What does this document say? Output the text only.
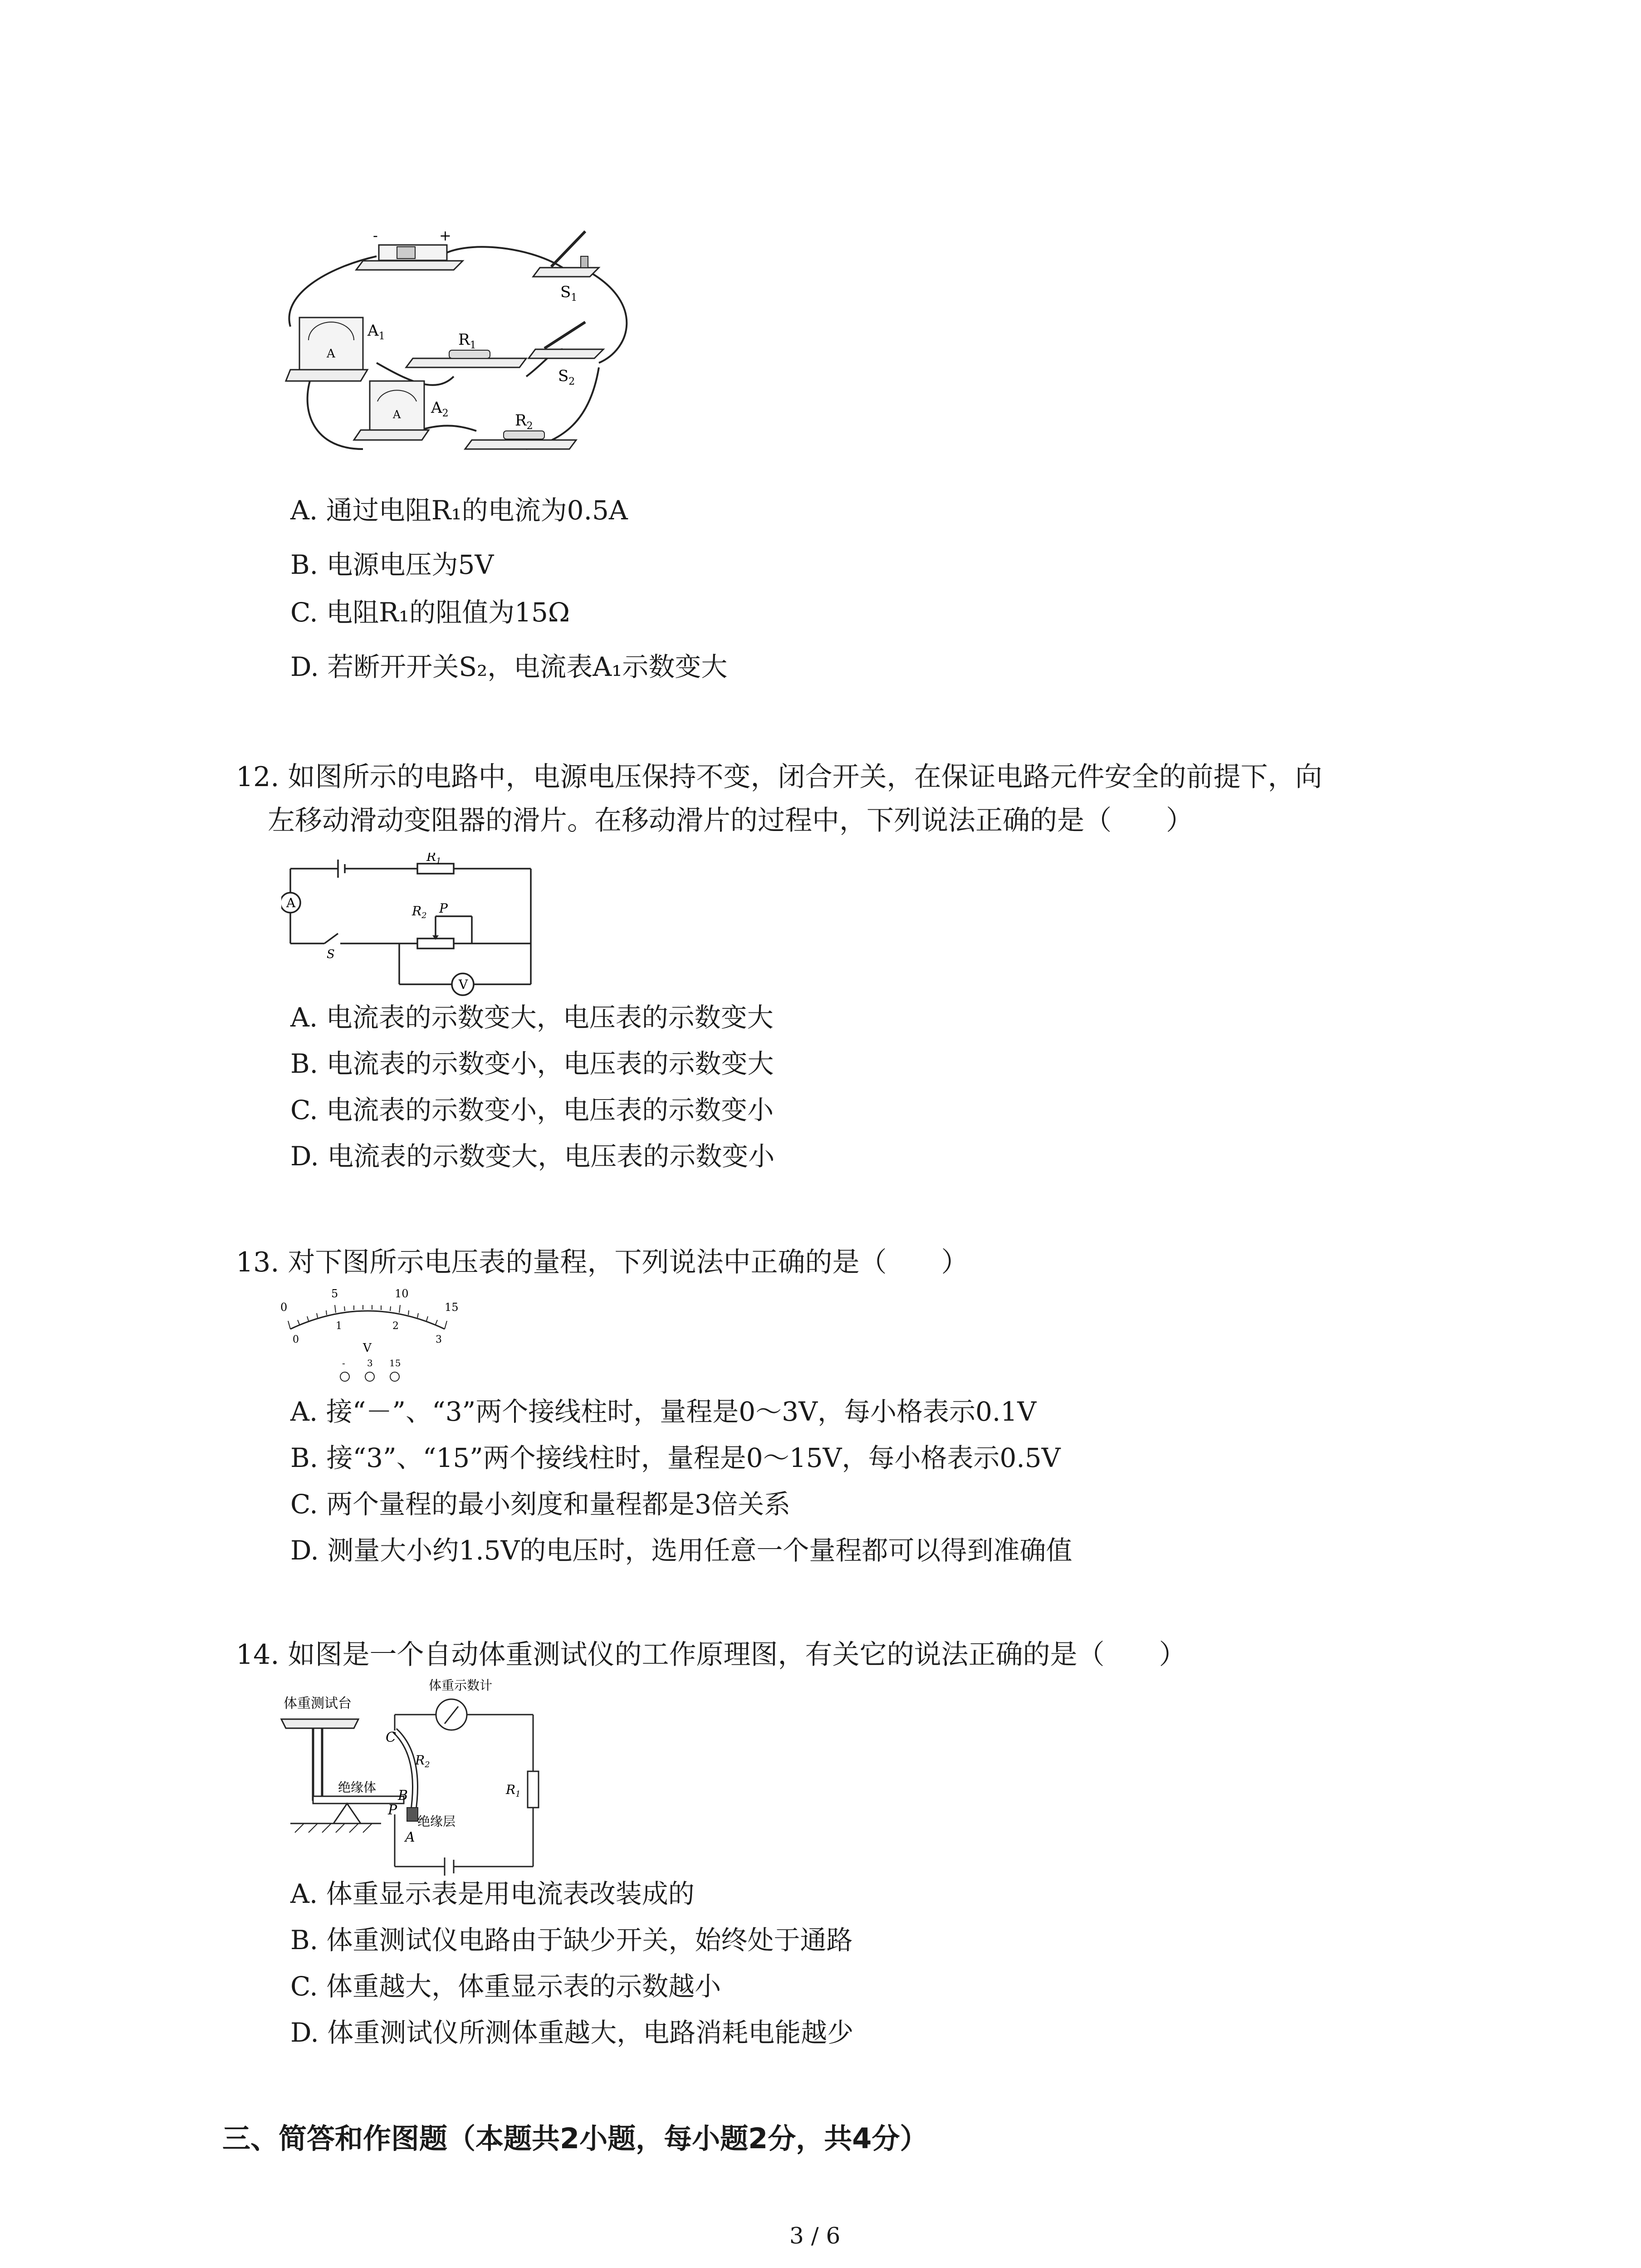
-	+
$S_1$
A
$A_1$	$R_1$
$S_2$
A $A_2$	$R_2$
A. 通过电阻R₁的电流为0.5A
B. 电源电压为5V
C. 电阻R₁的阻值为15Ω
D. 若断开开关S₂，电流表A₁示数变大
12. 如图所示的电路中，电源电压保持不变，闭合开关，在保证电路元件安全的前提下，向
左移动滑动变阻器的滑片。在移动滑片的过程中，下列说法正确的是（　　）
A
V
$R_1$
$R_2$ P
S
A. 电流表的示数变大，电压表的示数变大
B. 电流表的示数变小，电压表的示数变大
C. 电流表的示数变小，电压表的示数变小
D. 电流表的示数变大，电压表的示数变小
13. 对下图所示电压表的量程，下列说法中正确的是（　　）
0
5	10
15
0
1	2
3
V
- 3 15
A. 接“－”、“3”两个接线柱时，量程是0～3V，每小格表示0.1V
B. 接“3”、“15”两个接线柱时，量程是0～15V，每小格表示0.5V
C. 两个量程的最小刻度和量程都是3倍关系
D. 测量大小约1.5V的电压时，选用任意一个量程都可以得到准确值
14. 如图是一个自动体重测试仪的工作原理图，有关它的说法正确的是（　　）
体重测试台
绝缘体
绝缘层
体重示数计
$R_1$
$R_2$
C
B
P
A
A. 体重显示表是用电流表改装成的
B. 体重测试仪电路由于缺少开关，始终处于通路
C. 体重越大，体重显示表的示数越小
D. 体重测试仪所测体重越大，电路消耗电能越少
三、简答和作图题（本题共2小题，每小题2分，共4分）
3 / 6
